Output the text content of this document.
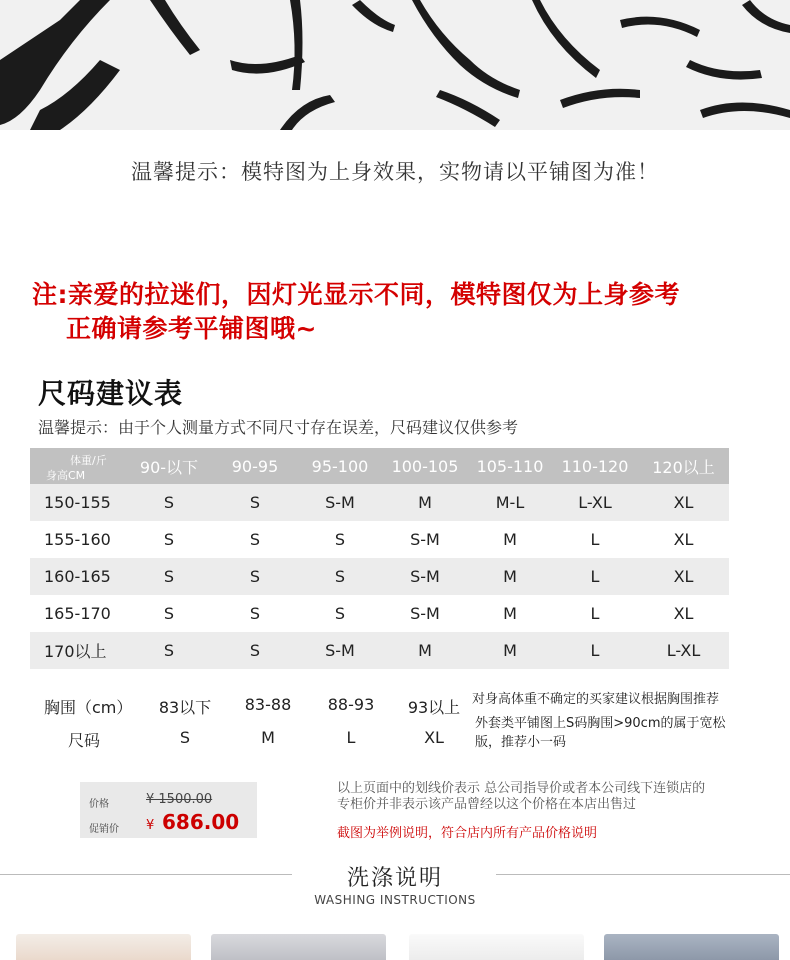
温馨提示：模特图为上身效果，实物请以平铺图为准！
注:亲爱的拉迷们，因灯光显示不同，模特图仅为上身参考
正确请参考平铺图哦~
尺码建议表
温馨提示：由于个人测量方式不同尺寸存在误差，尺码建议仅供参考
体重/斤
身高CM	90-以下	90-95	95-100	100-105	105-110	110-120	120以上
150-155	S	S	S-M	M	M-L	L-XL	XL
155-160	S	S	S	S-M	M	L	XL
160-165	S	S	S	S-M	M	L	XL
165-170	S	S	S	S-M	M	L	XL
170以上	S	S	S-M	M	M	L	L-XL
胸围（cm）	83以下	83-88	88-93	93以上
尺码	S	M	L	XL
对身高体重不确定的买家建议根据胸围推荐
外套类平铺图上S码胸围>90cm的属于宽松版，推荐小一码
价格	¥ 1500.00
促销价 ¥ 686.00
以上页面中的划线价表示 总公司指导价或者本公司线下连锁店的专柜价并非表示该产品曾经以这个价格在本店出售过
截图为举例说明，符合店内所有产品价格说明
洗涤说明
WASHING INSTRUCTIONS
